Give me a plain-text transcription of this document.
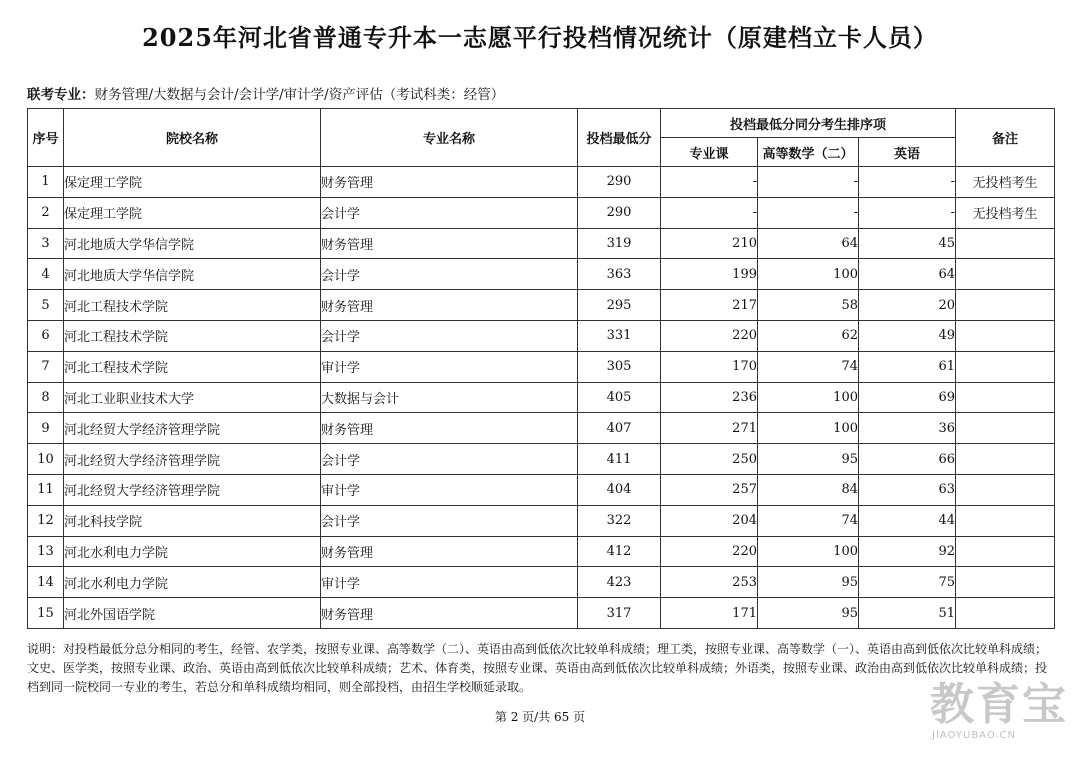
2025年河北省普通专升本一志愿平行投档情况统计（原建档立卡人员）
联考专业：财务管理/大数据与会计/会计学/审计学/资产评估（考试科类：经管）
序号	院校名称	专业名称	投档最低分	投档最低分同分考生排序项			备注
				专业课	高等数学（二）	英语	
1	保定理工学院	财务管理	290	-	-	-	无投档考生
2	保定理工学院	会计学	290	-	-	-	无投档考生
3	河北地质大学华信学院	财务管理	319	210	64	45	
4	河北地质大学华信学院	会计学	363	199	100	64	
5	河北工程技术学院	财务管理	295	217	58	20	
6	河北工程技术学院	会计学	331	220	62	49	
7	河北工程技术学院	审计学	305	170	74	61	
8	河北工业职业技术大学	大数据与会计	405	236	100	69	
9	河北经贸大学经济管理学院	财务管理	407	271	100	36	
10	河北经贸大学经济管理学院	会计学	411	250	95	66	
11	河北经贸大学经济管理学院	审计学	404	257	84	63	
12	河北科技学院	会计学	322	204	74	44	
13	河北水利电力学院	财务管理	412	220	100	92	
14	河北水利电力学院	审计学	423	253	95	75	
15	河北外国语学院	财务管理	317	171	95	51	
说明：对投档最低分总分相同的考生，经管、农学类，按照专业课、高等数学（二）、英语由高到低依次比较单科成绩；理工类，按照专业课、高等数学（一）、英语由高到低依次比较单科成绩；文史、医学类，按照专业课、政治、英语由高到低依次比较单科成绩；艺术、体育类，按照专业课、英语由高到低依次比较单科成绩；外语类，按照专业课、政治由高到低依次比较单科成绩；投档到同一院校同一专业的考生，若总分和单科成绩均相同，则全部投档，由招生学校顺延录取。
第 2 页/共 65 页	教育宝
JIAOYUBAO.CN
